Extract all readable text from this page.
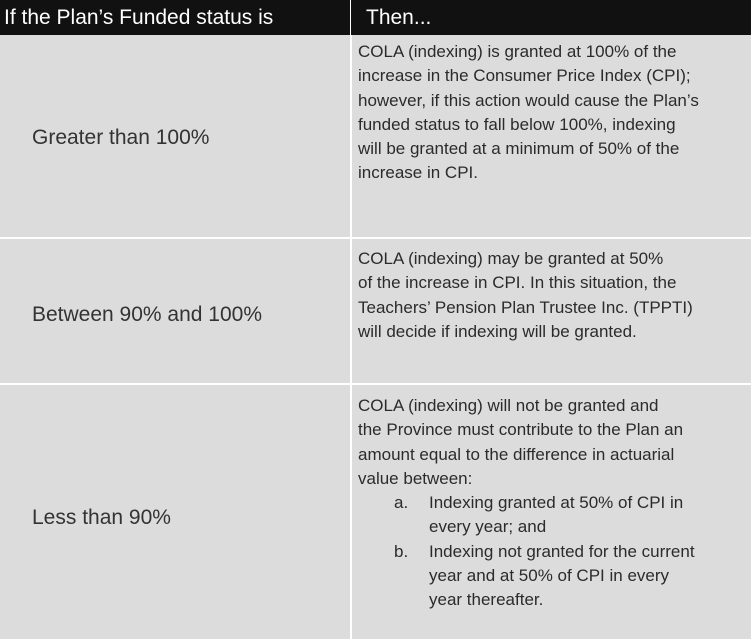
If the Plan’s Funded status is	Then...
Greater than 100%
COLA (indexing) is granted at 100% of the
increase in the Consumer Price Index (CPI);
however, if this action would cause the Plan’s
funded status to fall below 100%, indexing
will be granted at a minimum of 50% of the
increase in CPI.
Between 90% and 100%
COLA (indexing) may be granted at 50%
of the increase in CPI. In this situation, the
Teachers’ Pension Plan Trustee Inc. (TPPTI)
will decide if indexing will be granted.
Less than 90%
COLA (indexing) will not be granted and
the Province must contribute to the Plan an
amount equal to the difference in actuarial
value between:
a. Indexing granted at 50% of CPI in
every year; and
b. Indexing not granted for the current
year and at 50% of CPI in every
year thereafter.
